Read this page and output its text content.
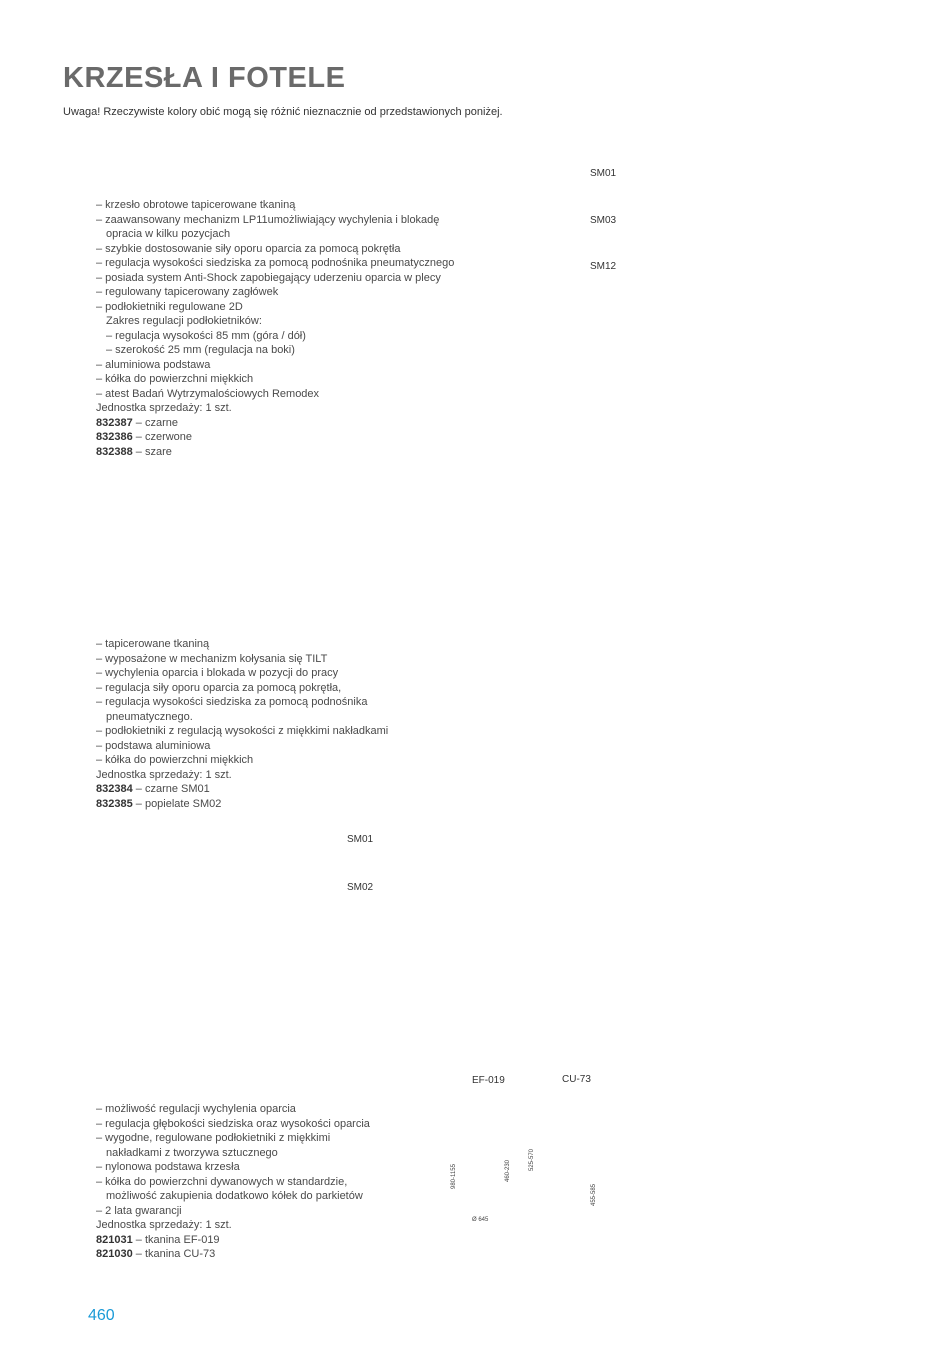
KRZESŁA I FOTELE
Uwaga! Rzeczywiste kolory obić mogą się różnić nieznacznie od przedstawionych poniżej.
– krzesło obrotowe tapicerowane tkaniną
– zaawansowany mechanizm LP11umożliwiający wychylenia i blokadę
opracia w kilku pozycjach
– szybkie dostosowanie siły oporu oparcia za pomocą pokrętła
– regulacja wysokości siedziska za pomocą podnośnika pneumatycznego
– posiada system Anti-Shock zapobiegający uderzeniu oparcia w plecy
– regulowany tapicerowany zagłówek
– podłokietniki regulowane 2D
Zakres regulacji podłokietników:
– regulacja wysokości 85 mm (góra / dół)
– szerokość 25 mm (regulacja na boki)
– aluminiowa podstawa
– kółka do powierzchni miękkich
– atest Badań Wytrzymalościowych Remodex
Jednostka sprzedaży: 1 szt.
832387 – czarne
832386 – czerwone
832388 – szare
SM01
SM03
SM12
– tapicerowane tkaniną
– wyposażone w mechanizm kołysania się TILT
– wychylenia oparcia i blokada w pozycji do pracy
– regulacja siły oporu oparcia za pomocą pokrętła,
– regulacja wysokości siedziska za pomocą podnośnika
pneumatycznego.
– podłokietniki z regulacją wysokości z miękkimi nakładkami
– podstawa aluminiowa
– kółka do powierzchni miękkich
Jednostka sprzedaży: 1 szt.
832384 – czarne SM01
832385 – popielate SM02
SM01
SM02
– możliwość regulacji wychylenia oparcia
– regulacja głębokości siedziska oraz wysokości oparcia
– wygodne, regulowane podłokietniki z miękkimi
nakładkami z tworzywa sztucznego
– nylonowa podstawa krzesła
– kółka do powierzchni dywanowych w standardzie,
możliwość zakupienia dodatkowo kółek do parkietów
– 2 lata gwarancji
Jednostka sprzedaży: 1 szt.
821031 – tkanina EF-019
821030 – tkanina CU-73
EF-019	CU-73
980-1155	460-230	525-570
455-585
Ø 645
460
